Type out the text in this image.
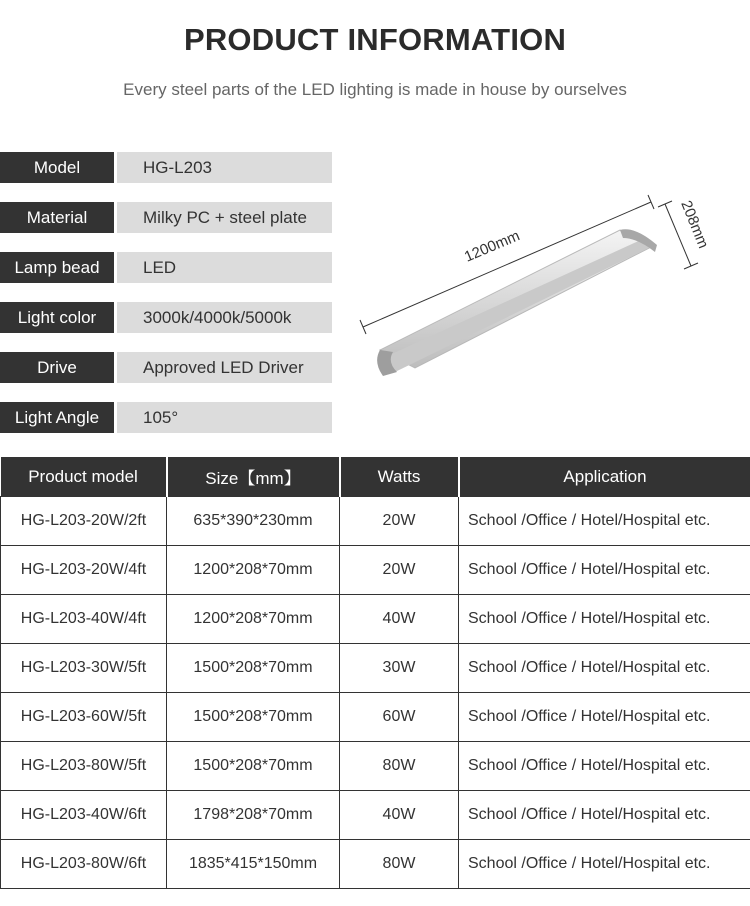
PRODUCT INFORMATION
Every steel parts of the LED lighting is made in house by ourselves
Model	HG-L203
Material	Milky PC + steel plate
Lamp bead	LED
Light color	3000k/4000k/5000k
Drive	Approved LED Driver
Light Angle	105°
1200mm	208mm
Product model	Size【mm】	Watts	Application
HG-L203-20W/2ft	635*390*230mm	20W	School /Office / Hotel/Hospital etc.
HG-L203-20W/4ft	1200*208*70mm	20W	School /Office / Hotel/Hospital etc.
HG-L203-40W/4ft	1200*208*70mm	40W	School /Office / Hotel/Hospital etc.
HG-L203-30W/5ft	1500*208*70mm	30W	School /Office / Hotel/Hospital etc.
HG-L203-60W/5ft	1500*208*70mm	60W	School /Office / Hotel/Hospital etc.
HG-L203-80W/5ft	1500*208*70mm	80W	School /Office / Hotel/Hospital etc.
HG-L203-40W/6ft	1798*208*70mm	40W	School /Office / Hotel/Hospital etc.
HG-L203-80W/6ft	1835*415*150mm	80W	School /Office / Hotel/Hospital etc.
